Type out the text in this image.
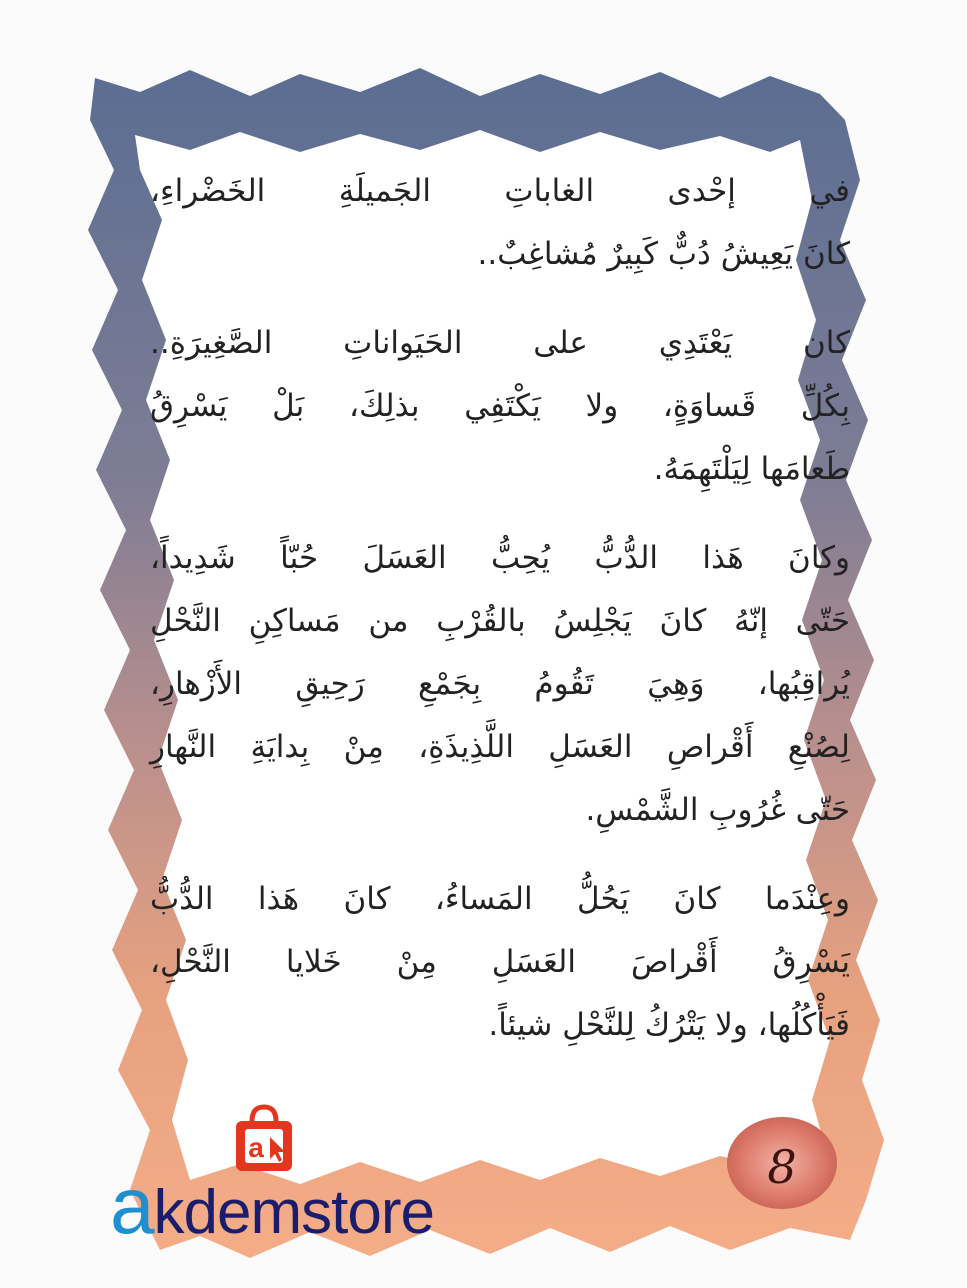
في إحْدى الغاباتِ الجَميلَةِ الخَضْراءِ،
كانَ يَعِيشُ دُبٌّ كَبِيرٌ مُشاغِبٌ..

كان يَعْتَدِي على الحَيَواناتِ الصَّغِيرَةِ..
بِكُلِّ قَساوَةٍ، ولا يَكْتَفِي بذلِكَ، بَلْ يَسْرِقُ
طَعامَها لِيَلْتَهِمَهُ.

وكانَ هَذا الدُّبُّ يُحِبُّ العَسَلَ حُبّاً شَدِيداً،
حَتّى إنّهُ كانَ يَجْلِسُ بالقُرْبِ من مَساكِنِ النَّحْلِ
يُراقِبُها، وَهِيَ تَقُومُ بِجَمْعِ رَحِيقِ الأَزْهارِ،
لِصُنْعِ أَقْراصِ العَسَلِ اللَّذِيذَةِ، مِنْ بِدايَةِ النَّهارِ
حَتّى غُرُوبِ الشَّمْسِ.

وعِنْدَما كانَ يَحُلُّ المَساءُ، كانَ هَذا الدُّبُّ
يَسْرِقُ أَقْراصَ العَسَلِ مِنْ خَلايا النَّحْلِ،
فَيَأْكُلُها، ولا يَتْرُكُ لِلنَّحْلِ شيئاً.

8
a
akdemstore
